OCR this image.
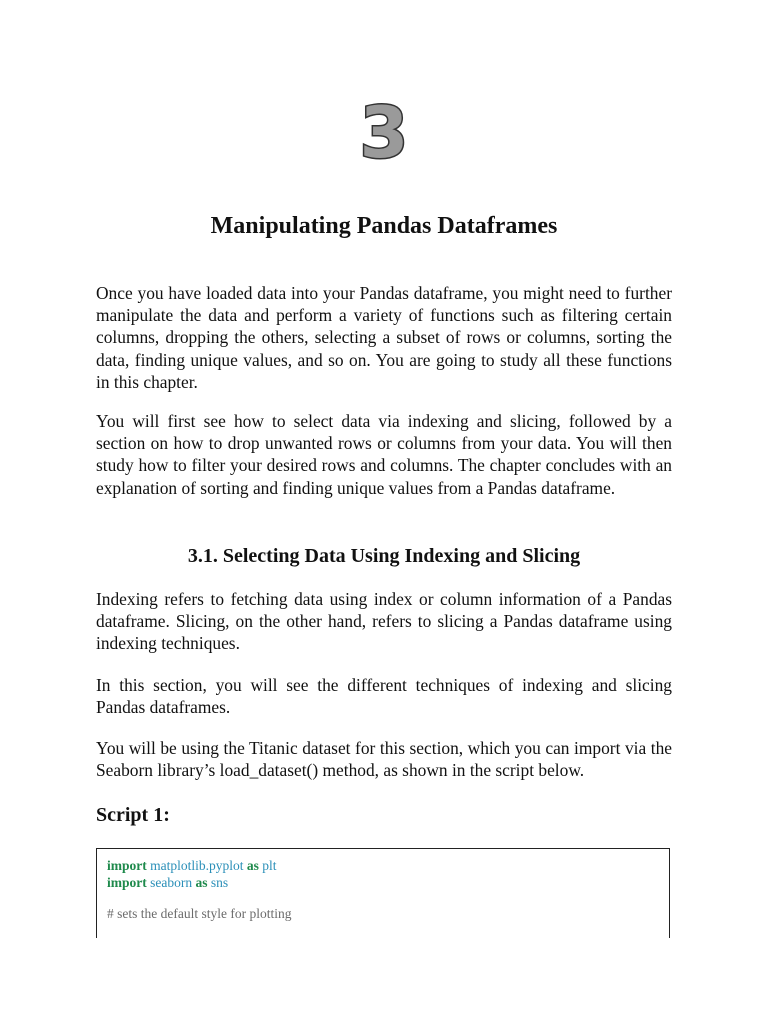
3
Manipulating Pandas Dataframes

Once you have loaded data into your Pandas dataframe, you might need to further manipulate the data and perform a variety of functions such as filtering certain columns, dropping the others, selecting a subset of rows or columns, sorting the data, finding unique values, and so on. You are going to study all these functions in this chapter.

You will first see how to select data via indexing and slicing, followed by a section on how to drop unwanted rows or columns from your data. You will then study how to filter your desired rows and columns. The chapter concludes with an explanation of sorting and finding unique values from a Pandas dataframe.

3.1. Selecting Data Using Indexing and Slicing

Indexing refers to fetching data using index or column information of a Pandas dataframe. Slicing, on the other hand, refers to slicing a Pandas dataframe using indexing techniques.

In this section, you will see the different techniques of indexing and slicing Pandas dataframes.

You will be using the Titanic dataset for this section, which you can import via the Seaborn library’s load_dataset() method, as shown in the script below.

Script 1:
import matplotlib.pyplot as plt
import seaborn as sns
# sets the default style for plotting
